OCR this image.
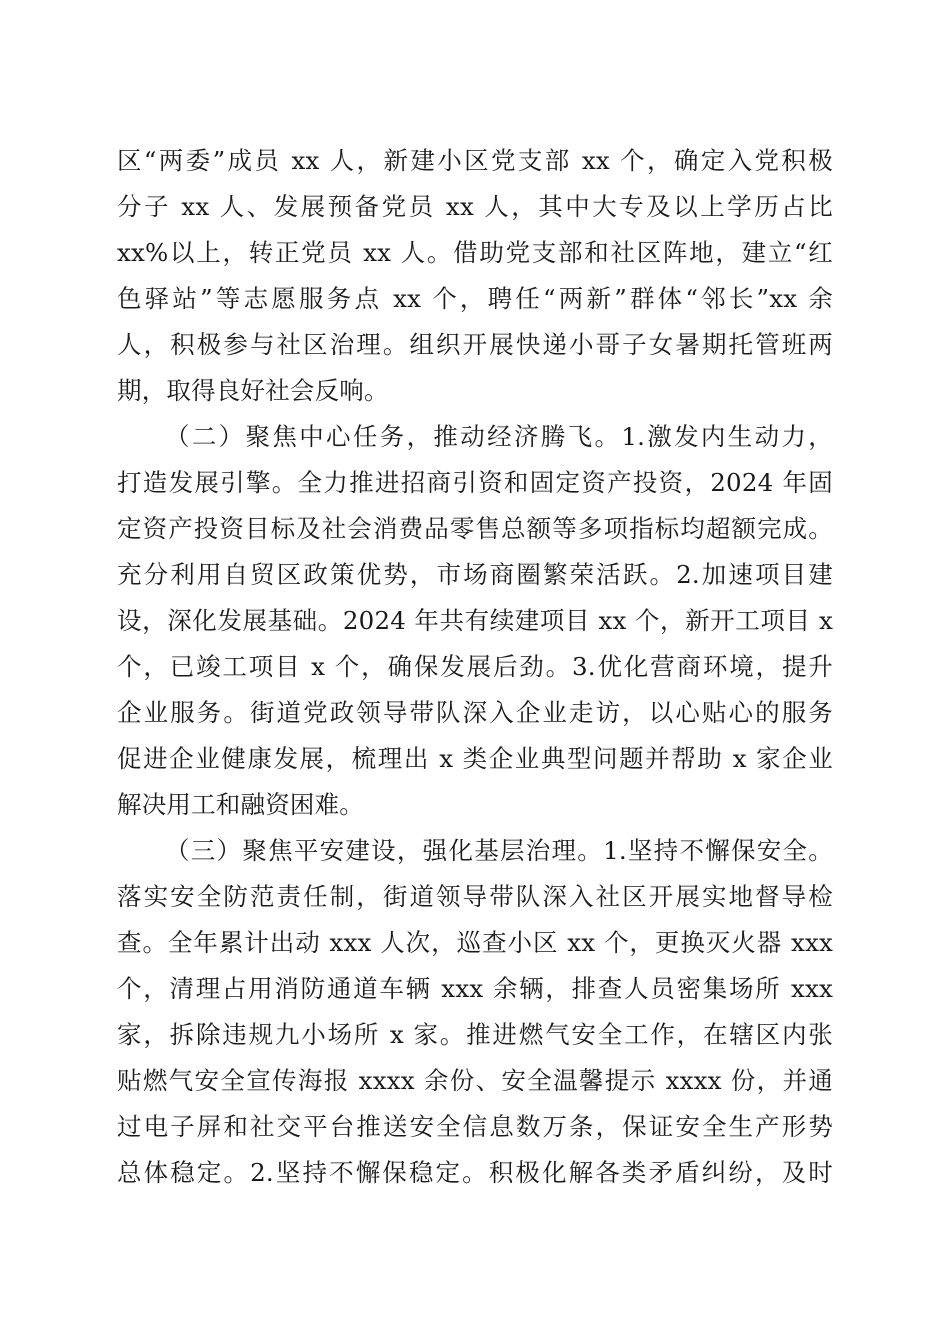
区“两委”成员 xx 人，新建小区党支部 xx 个，确定入党积极
分子 xx 人、发展预备党员 xx 人，其中大专及以上学历占比
xx%以上，转正党员 xx 人。借助党支部和社区阵地，建立“红
色驿站”等志愿服务点 xx 个，聘任“两新”群体“邻长”xx 余
人，积极参与社区治理。组织开展快递小哥子女暑期托管班两
期，取得良好社会反响。
（二）聚焦中心任务，推动经济腾飞。1.激发内生动力，
打造发展引擎。全力推进招商引资和固定资产投资，2024 年固
定资产投资目标及社会消费品零售总额等多项指标均超额完成。
充分利用自贸区政策优势，市场商圈繁荣活跃。2.加速项目建
设，深化发展基础。2024 年共有续建项目 xx 个，新开工项目 x
个，已竣工项目 x 个，确保发展后劲。3.优化营商环境，提升
企业服务。街道党政领导带队深入企业走访，以心贴心的服务
促进企业健康发展，梳理出 x 类企业典型问题并帮助 x 家企业
解决用工和融资困难。
（三）聚焦平安建设，强化基层治理。1.坚持不懈保安全。
落实安全防范责任制，街道领导带队深入社区开展实地督导检
查。全年累计出动 xxx 人次，巡查小区 xx 个，更换灭火器 xxx
个，清理占用消防通道车辆 xxx 余辆，排查人员密集场所 xxx
家，拆除违规九小场所 x 家。推进燃气安全工作，在辖区内张
贴燃气安全宣传海报 xxxx 余份、安全温馨提示 xxxx 份，并通
过电子屏和社交平台推送安全信息数万条，保证安全生产形势
总体稳定。2.坚持不懈保稳定。积极化解各类矛盾纠纷，及时
